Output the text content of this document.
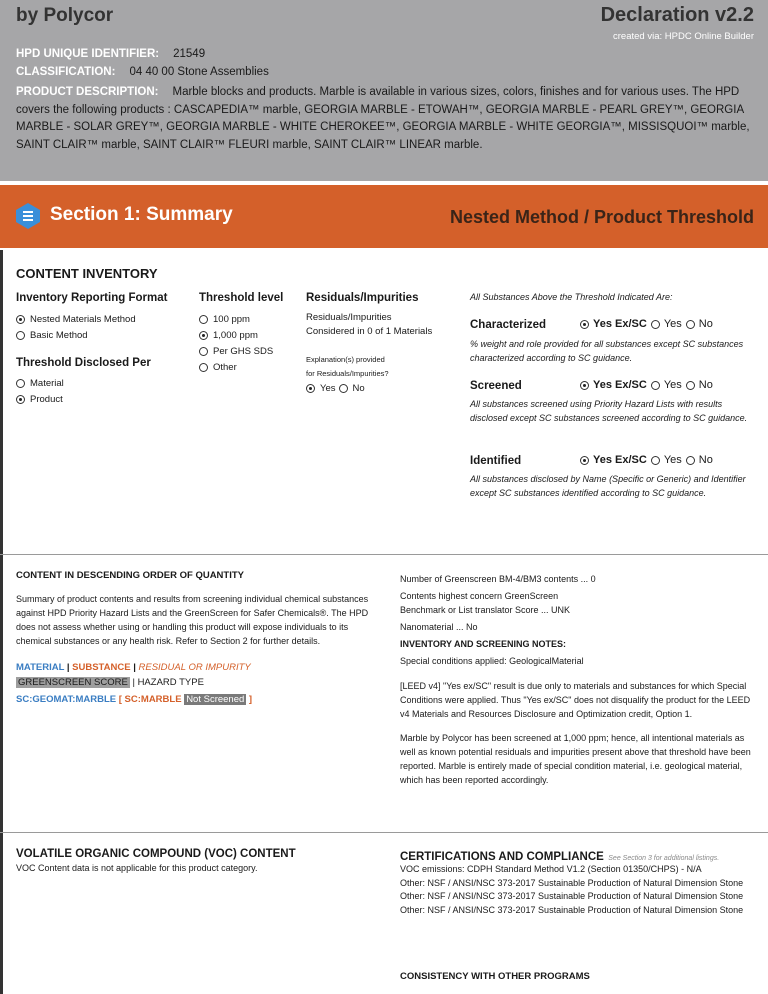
by Polycor	Declaration v2.2
created via: HPDC Online Builder
HPD UNIQUE IDENTIFIER: 21549
CLASSIFICATION: 04 40 00 Stone Assemblies
PRODUCT DESCRIPTION: Marble blocks and products. Marble is available in various sizes, colors, finishes and for various uses. The HPD covers the following products : CASCAPEDIA™ marble, GEORGIA MARBLE - ETOWAH™, GEORGIA MARBLE - PEARL GREY™, GEORGIA MARBLE - SOLAR GREY™, GEORGIA MARBLE - WHITE CHEROKEE™, GEORGIA MARBLE - WHITE GEORGIA™, MISSISQUOI™ marble, SAINT CLAIR™ marble, SAINT CLAIR™ FLEURI marble, SAINT CLAIR™ LINEAR marble.
Section 1: Summary	Nested Method / Product Threshold
CONTENT INVENTORY
Inventory Reporting Format
Nested Materials Method
Basic Method
Threshold Disclosed Per
Material
Product
Threshold level
100 ppm
1,000 ppm
Per GHS SDS
Other
Residuals/Impurities
Residuals/Impurities
Considered in 0 of 1 Materials
Explanation(s) provided
for Residuals/Impurities?
Yes No
All Substances Above the Threshold Indicated Are:
Characterized	Yes Ex/SC Yes No
% weight and role provided for all substances except SC substances characterized according to SC guidance.
Screened	Yes Ex/SC Yes No
All substances screened using Priority Hazard Lists with results disclosed except SC substances screened according to SC guidance.
Identified	Yes Ex/SC Yes No
All substances disclosed by Name (Specific or Generic) and Identifier except SC substances identified according to SC guidance.
CONTENT IN DESCENDING ORDER OF QUANTITY
Summary of product contents and results from screening individual chemical substances against HPD Priority Hazard Lists and the GreenScreen for Safer Chemicals®. The HPD does not assess whether using or handling this product will expose individuals to its chemical substances or any health risk. Refer to Section 2 for further details.
MATERIAL | SUBSTANCE | RESIDUAL OR IMPURITY
GREENSCREEN SCORE | HAZARD TYPE
SC:GEOMAT:MARBLE [ SC:MARBLE Not Screened ]
Number of Greenscreen BM-4/BM3 contents ... 0
Contents highest concern GreenScreen
Benchmark or List translator Score ... UNK
Nanomaterial ... No
INVENTORY AND SCREENING NOTES:
Special conditions applied: GeologicalMaterial
[LEED v4] "Yes ex/SC" result is due only to materials and substances for which Special Conditions were applied. Thus "Yes ex/SC" does not disqualify the product for the LEED v4 Materials and Resources Disclosure and Optimization credit, Option 1.
Marble by Polycor has been screened at 1,000 ppm; hence, all intentional materials as well as known potential residuals and impurities present above that threshold have been reported. Marble is entirely made of special condition material, i.e. geological material, which has been reported accordingly.
VOLATILE ORGANIC COMPOUND (VOC) CONTENT
VOC Content data is not applicable for this product category.
CERTIFICATIONS AND COMPLIANCE See Section 3 for additional listings.
VOC emissions: CDPH Standard Method V1.2 (Section 01350/CHPS) - N/A
Other: NSF / ANSI/NSC 373-2017 Sustainable Production of Natural Dimension Stone
Other: NSF / ANSI/NSC 373-2017 Sustainable Production of Natural Dimension Stone
Other: NSF / ANSI/NSC 373-2017 Sustainable Production of Natural Dimension Stone
CONSISTENCY WITH OTHER PROGRAMS
